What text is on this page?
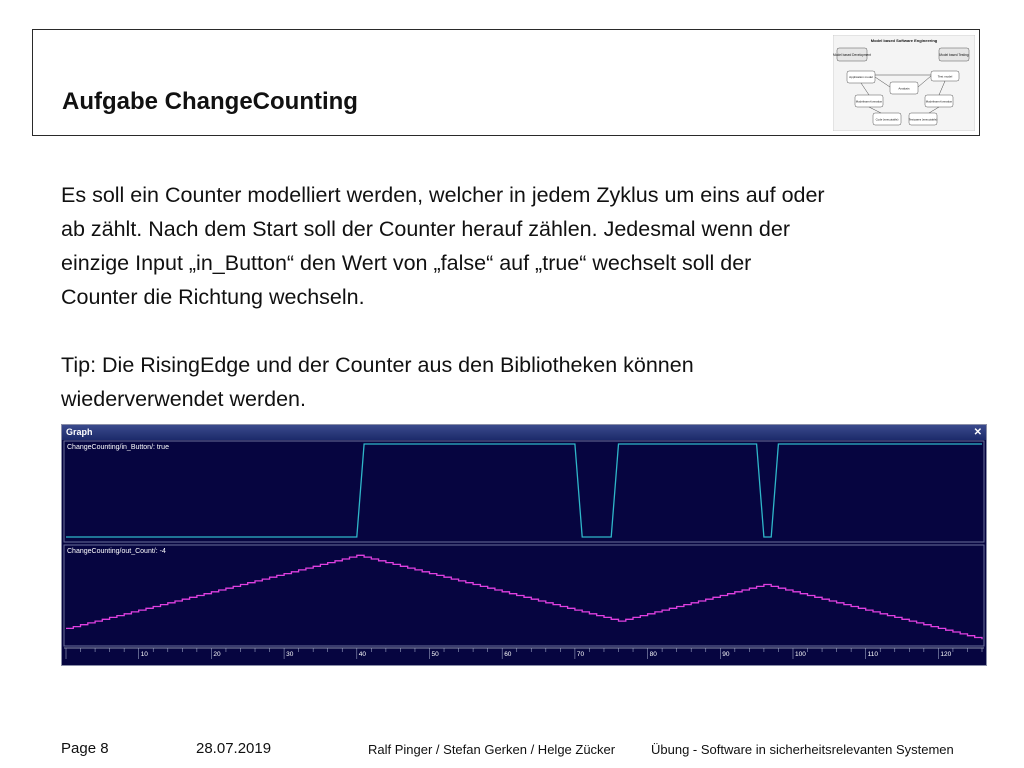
Aufgabe ChangeCounting
Model based Software Engineering
Model based Development	Model based Testing
Application model	Test model
Analysis
Modeltrans-formation	Modeltrans-formation
Code (executable)	Testcases (executable)

Es soll ein Counter modelliert werden, welcher in jedem Zyklus um eins auf oder

ab zählt. Nach dem Start soll der Counter herauf zählen. Jedesmal wenn der

einzige Input „in_Button“ den Wert von „false“ auf „true“ wechselt soll der

Counter die Richtung wechseln.

Tip: Die RisingEdge und der Counter aus den Bibliotheken können

wiederverwendet werden.

Graph	✕
ChangeCounting/in_Button/: true
ChangeCounting/out_Count/: -4
10	20	30	40	50	60	70	80	90	100	110	120
Page 8	28.07.2019	Ralf Pinger / Stefan Gerken / Helge Zücker	Übung - Software in sicherheitsrelevanten Systemen
